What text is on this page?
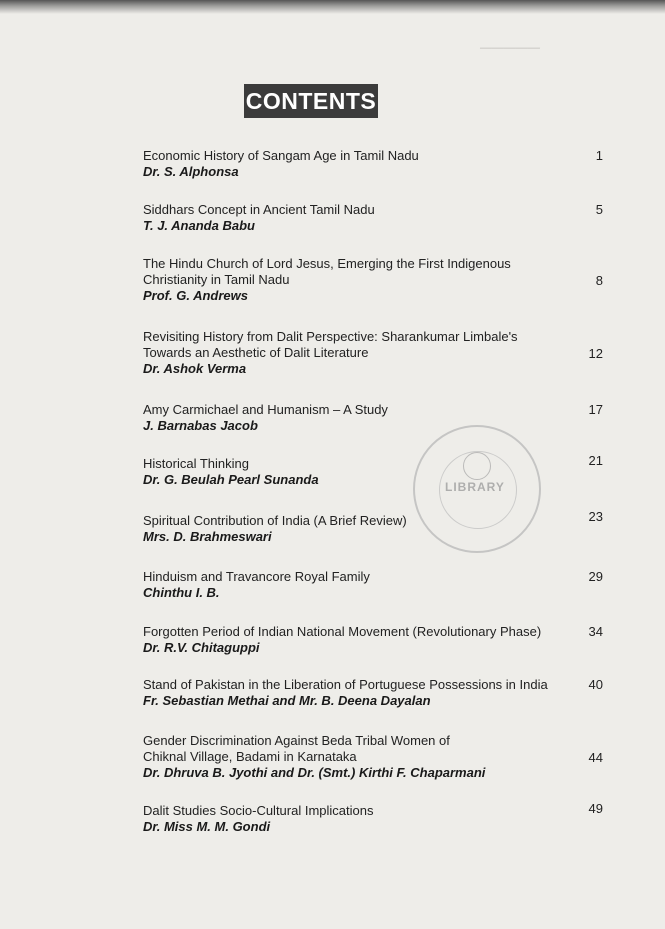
—————
CONTENTS
Economic History of Sangam Age in Tamil Nadu
Dr. S. Alphonsa
1
Siddhars Concept in Ancient Tamil Nadu
T. J. Ananda Babu
5
The Hindu Church of Lord Jesus, Emerging the First Indigenous Christianity in Tamil Nadu
Prof. G. Andrews
8
Revisiting History from Dalit Perspective: Sharankumar Limbale's Towards an Aesthetic of Dalit Literature
Dr. Ashok Verma
12
Amy Carmichael and Humanism – A Study
J. Barnabas Jacob
17
Historical Thinking
Dr. G. Beulah Pearl Sunanda
21
Spiritual Contribution of India (A Brief Review)
Mrs. D. Brahmeswari
23
Hinduism and Travancore Royal Family
Chinthu I. B.
29
Forgotten Period of Indian National Movement (Revolutionary Phase)
Dr. R.V. Chitaguppi
34
Stand of Pakistan in the Liberation of Portuguese Possessions in India
Fr. Sebastian Methai and Mr. B. Deena Dayalan
40
Gender Discrimination Against Beda Tribal Women of Chiknal Village, Badami in Karnataka
Dr. Dhruva B. Jyothi and Dr. (Smt.) Kirthi F. Chaparmani
44
Dalit Studies Socio-Cultural Implications
Dr. Miss M. M. Gondi
49
LIBRARY
